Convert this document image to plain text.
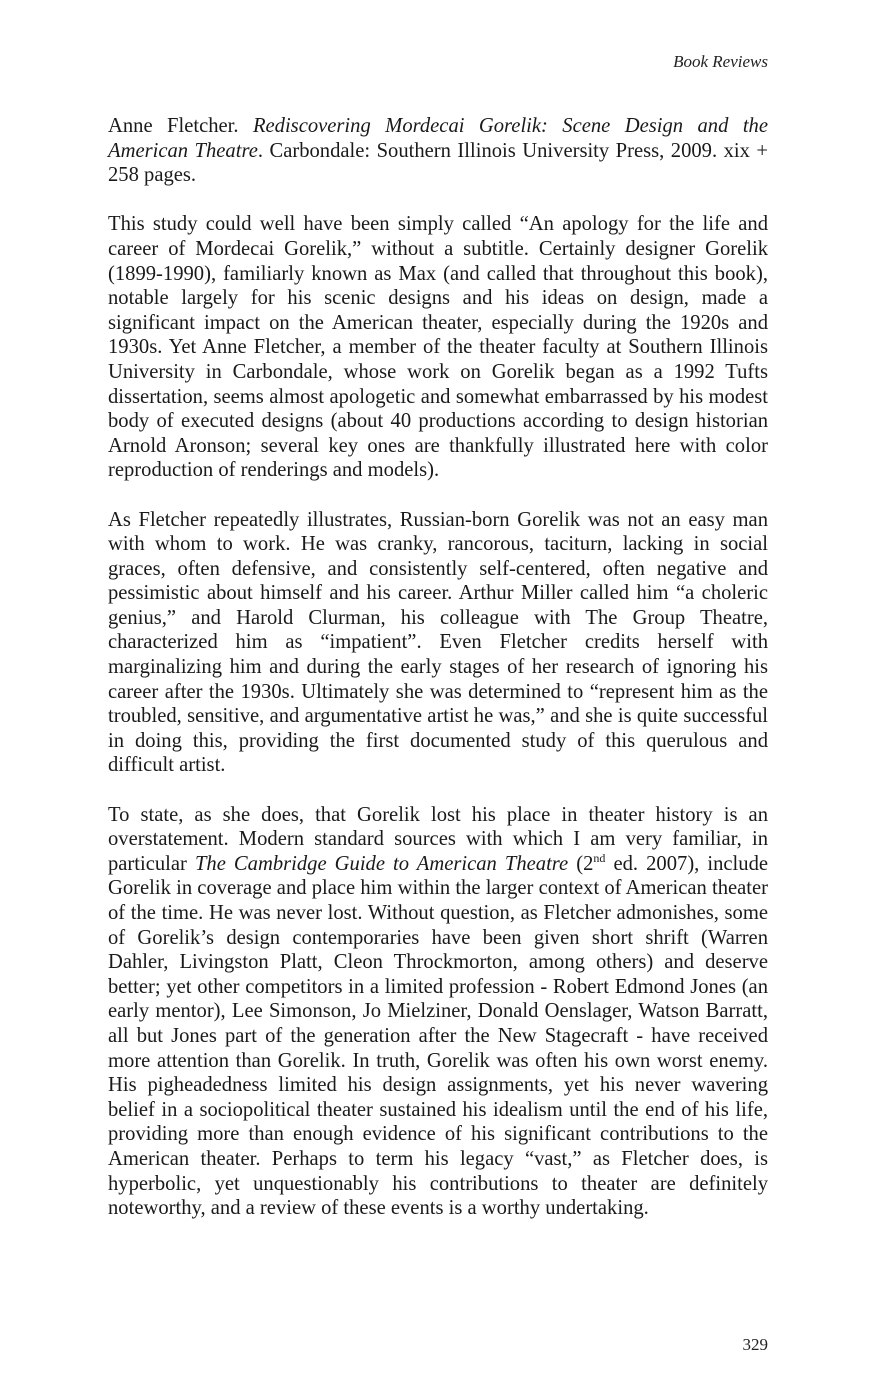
Book Reviews

Anne Fletcher. Rediscovering Mordecai Gorelik: Scene Design and the American Theatre. Carbondale: Southern Illinois University Press, 2009. xix + 258 pages.

This study could well have been simply called “An apology for the life and career of Mordecai Gorelik,” without a subtitle. Certainly designer Gorelik (1899-1990), familiarly known as Max (and called that throughout this book), notable largely for his scenic designs and his ideas on design, made a significant impact on the American theater, especially during the 1920s and 1930s. Yet Anne Fletcher, a member of the theater faculty at Southern Illinois University in Carbondale, whose work on Gorelik began as a 1992 Tufts dissertation, seems almost apologetic and somewhat embarrassed by his modest body of executed designs (about 40 productions according to design historian Arnold Aronson; several key ones are thankfully illustrated here with color reproduction of renderings and models).

As Fletcher repeatedly illustrates, Russian-born Gorelik was not an easy man with whom to work. He was cranky, rancorous, taciturn, lacking in social graces, often defensive, and consistently self-centered, often negative and pessimistic about himself and his career. Arthur Miller called him “a choleric genius,” and Harold Clurman, his colleague with The Group Theatre, characterized him as “impatient”. Even Fletcher credits herself with marginalizing him and during the early stages of her research of ignoring his career after the 1930s. Ultimately she was determined to “represent him as the troubled, sensitive, and argumentative artist he was,” and she is quite successful in doing this, providing the first documented study of this querulous and difficult artist.

To state, as she does, that Gorelik lost his place in theater history is an overstatement. Modern standard sources with which I am very familiar, in particular The Cambridge Guide to American Theatre (2nd ed. 2007), include Gorelik in coverage and place him within the larger context of American theater of the time. He was never lost. Without question, as Fletcher admonishes, some of Gorelik’s design contemporaries have been given short shrift (Warren Dahler, Livingston Platt, Cleon Throckmorton, among others) and deserve better; yet other competitors in a limited profession - Robert Edmond Jones (an early mentor), Lee Simonson, Jo Mielziner, Donald Oenslager, Watson Barratt, all but Jones part of the generation after the New Stagecraft - have received more attention than Gorelik. In truth, Gorelik was often his own worst enemy. His pigheadedness limited his design assignments, yet his never wavering belief in a sociopolitical theater sustained his idealism until the end of his life, providing more than enough evidence of his significant contributions to the American theater. Perhaps to term his legacy “vast,” as Fletcher does, is hyperbolic, yet unquestionably his contributions to theater are definitely noteworthy, and a review of these events is a worthy undertaking.

329
